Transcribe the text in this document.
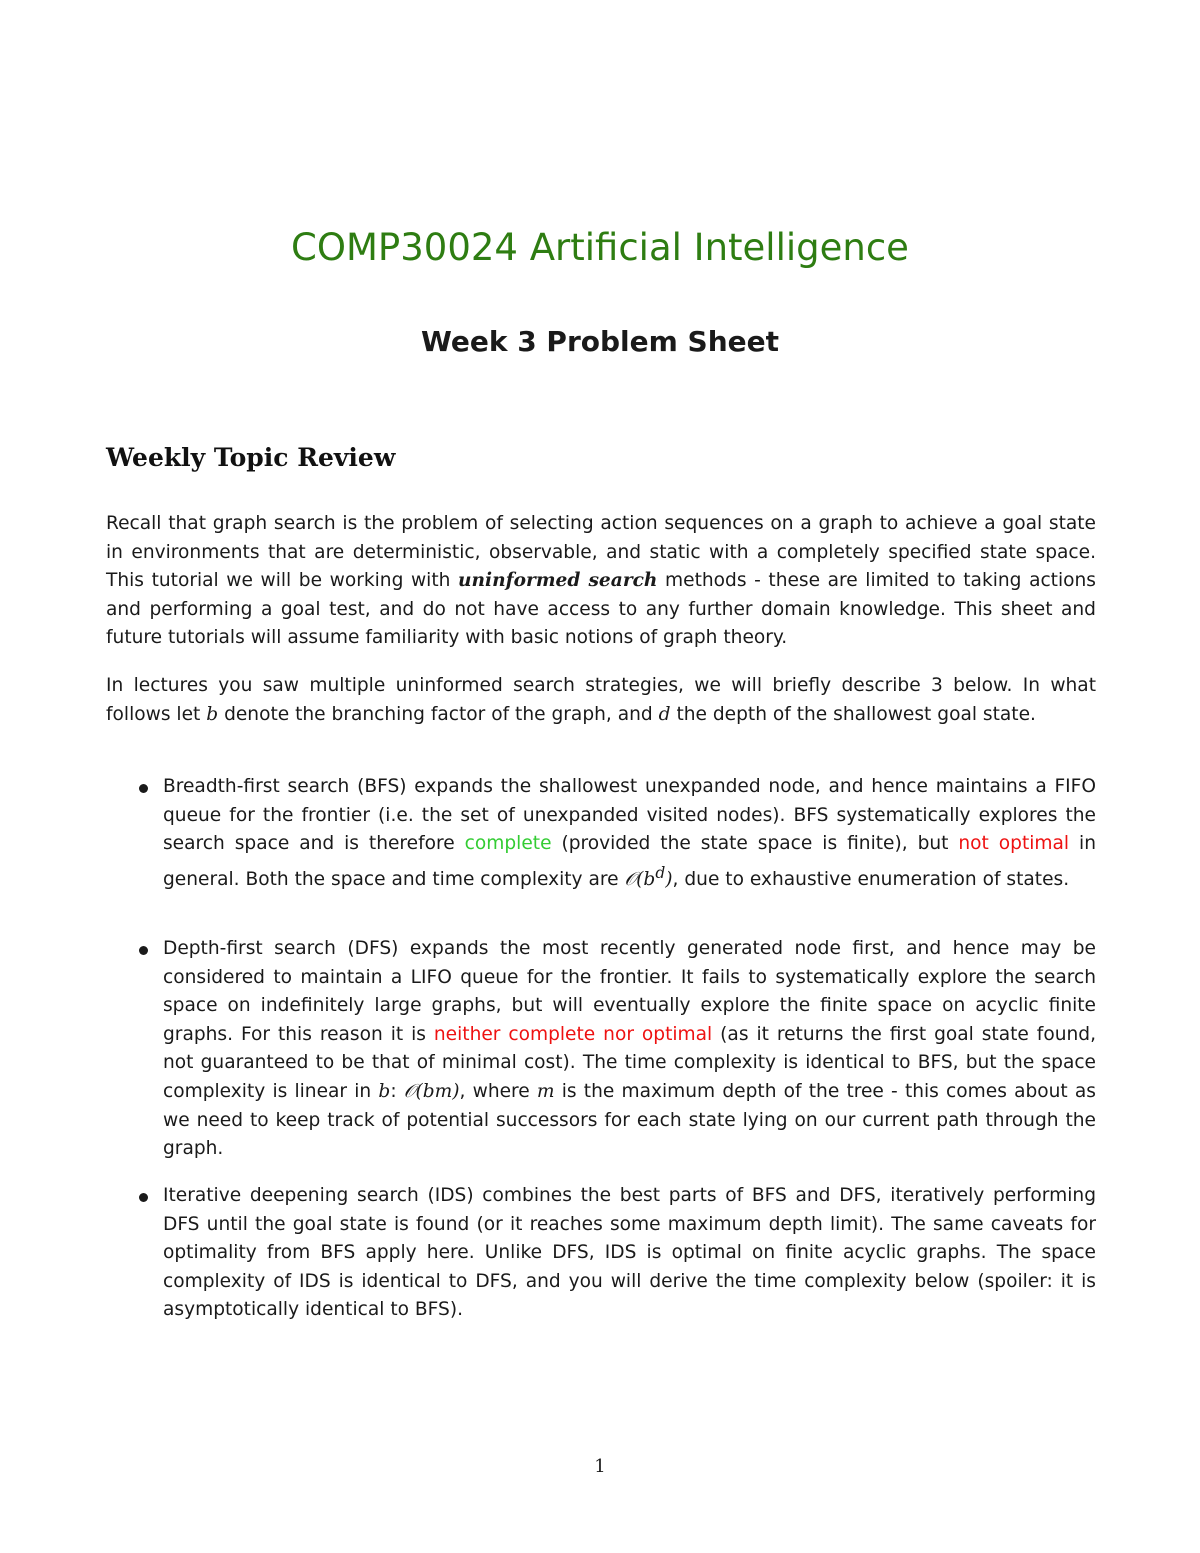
COMP30024 Artificial Intelligence
Week 3 Problem Sheet
Weekly Topic Review

Recall that graph search is the problem of selecting action sequences on a graph to achieve a goal state in environments that are deterministic, observable, and static with a completely specified state space. This tutorial we will be working with uninformed search methods - these are limited to taking actions and performing a goal test, and do not have access to any further domain knowledge. This sheet and future tutorials will assume familiarity with basic notions of graph theory.

In lectures you saw multiple uninformed search strategies, we will briefly describe 3 below. In what follows let b denote the branching factor of the graph, and d the depth of the shallowest goal state.

Breadth-first search (BFS) expands the shallowest unexpanded node, and hence maintains a FIFO queue for the frontier (i.e. the set of unexpanded visited nodes). BFS systematically explores the search space and is therefore complete (provided the state space is finite), but not optimal in general. Both the space and time complexity are $𝒪(b^d)$, due to exhaustive enumeration of states.
Depth-first search (DFS) expands the most recently generated node first, and hence may be considered to maintain a LIFO queue for the frontier. It fails to systematically explore the search space on indefinitely large graphs, but will eventually explore the finite space on acyclic finite graphs. For this reason it is neither complete nor optimal (as it returns the first goal state found, not guaranteed to be that of minimal cost). The time complexity is identical to BFS, but the space complexity is linear in b: 𝒪(bm), where m is the maximum depth of the tree - this comes about as we need to keep track of potential successors for each state lying on our current path through the graph.
Iterative deepening search (IDS) combines the best parts of BFS and DFS, iteratively performing DFS until the goal state is found (or it reaches some maximum depth limit). The same caveats for optimality from BFS apply here. Unlike DFS, IDS is optimal on finite acyclic graphs. The space complexity of IDS is identical to DFS, and you will derive the time complexity below (spoiler: it is asymptotically identical to BFS).
1
